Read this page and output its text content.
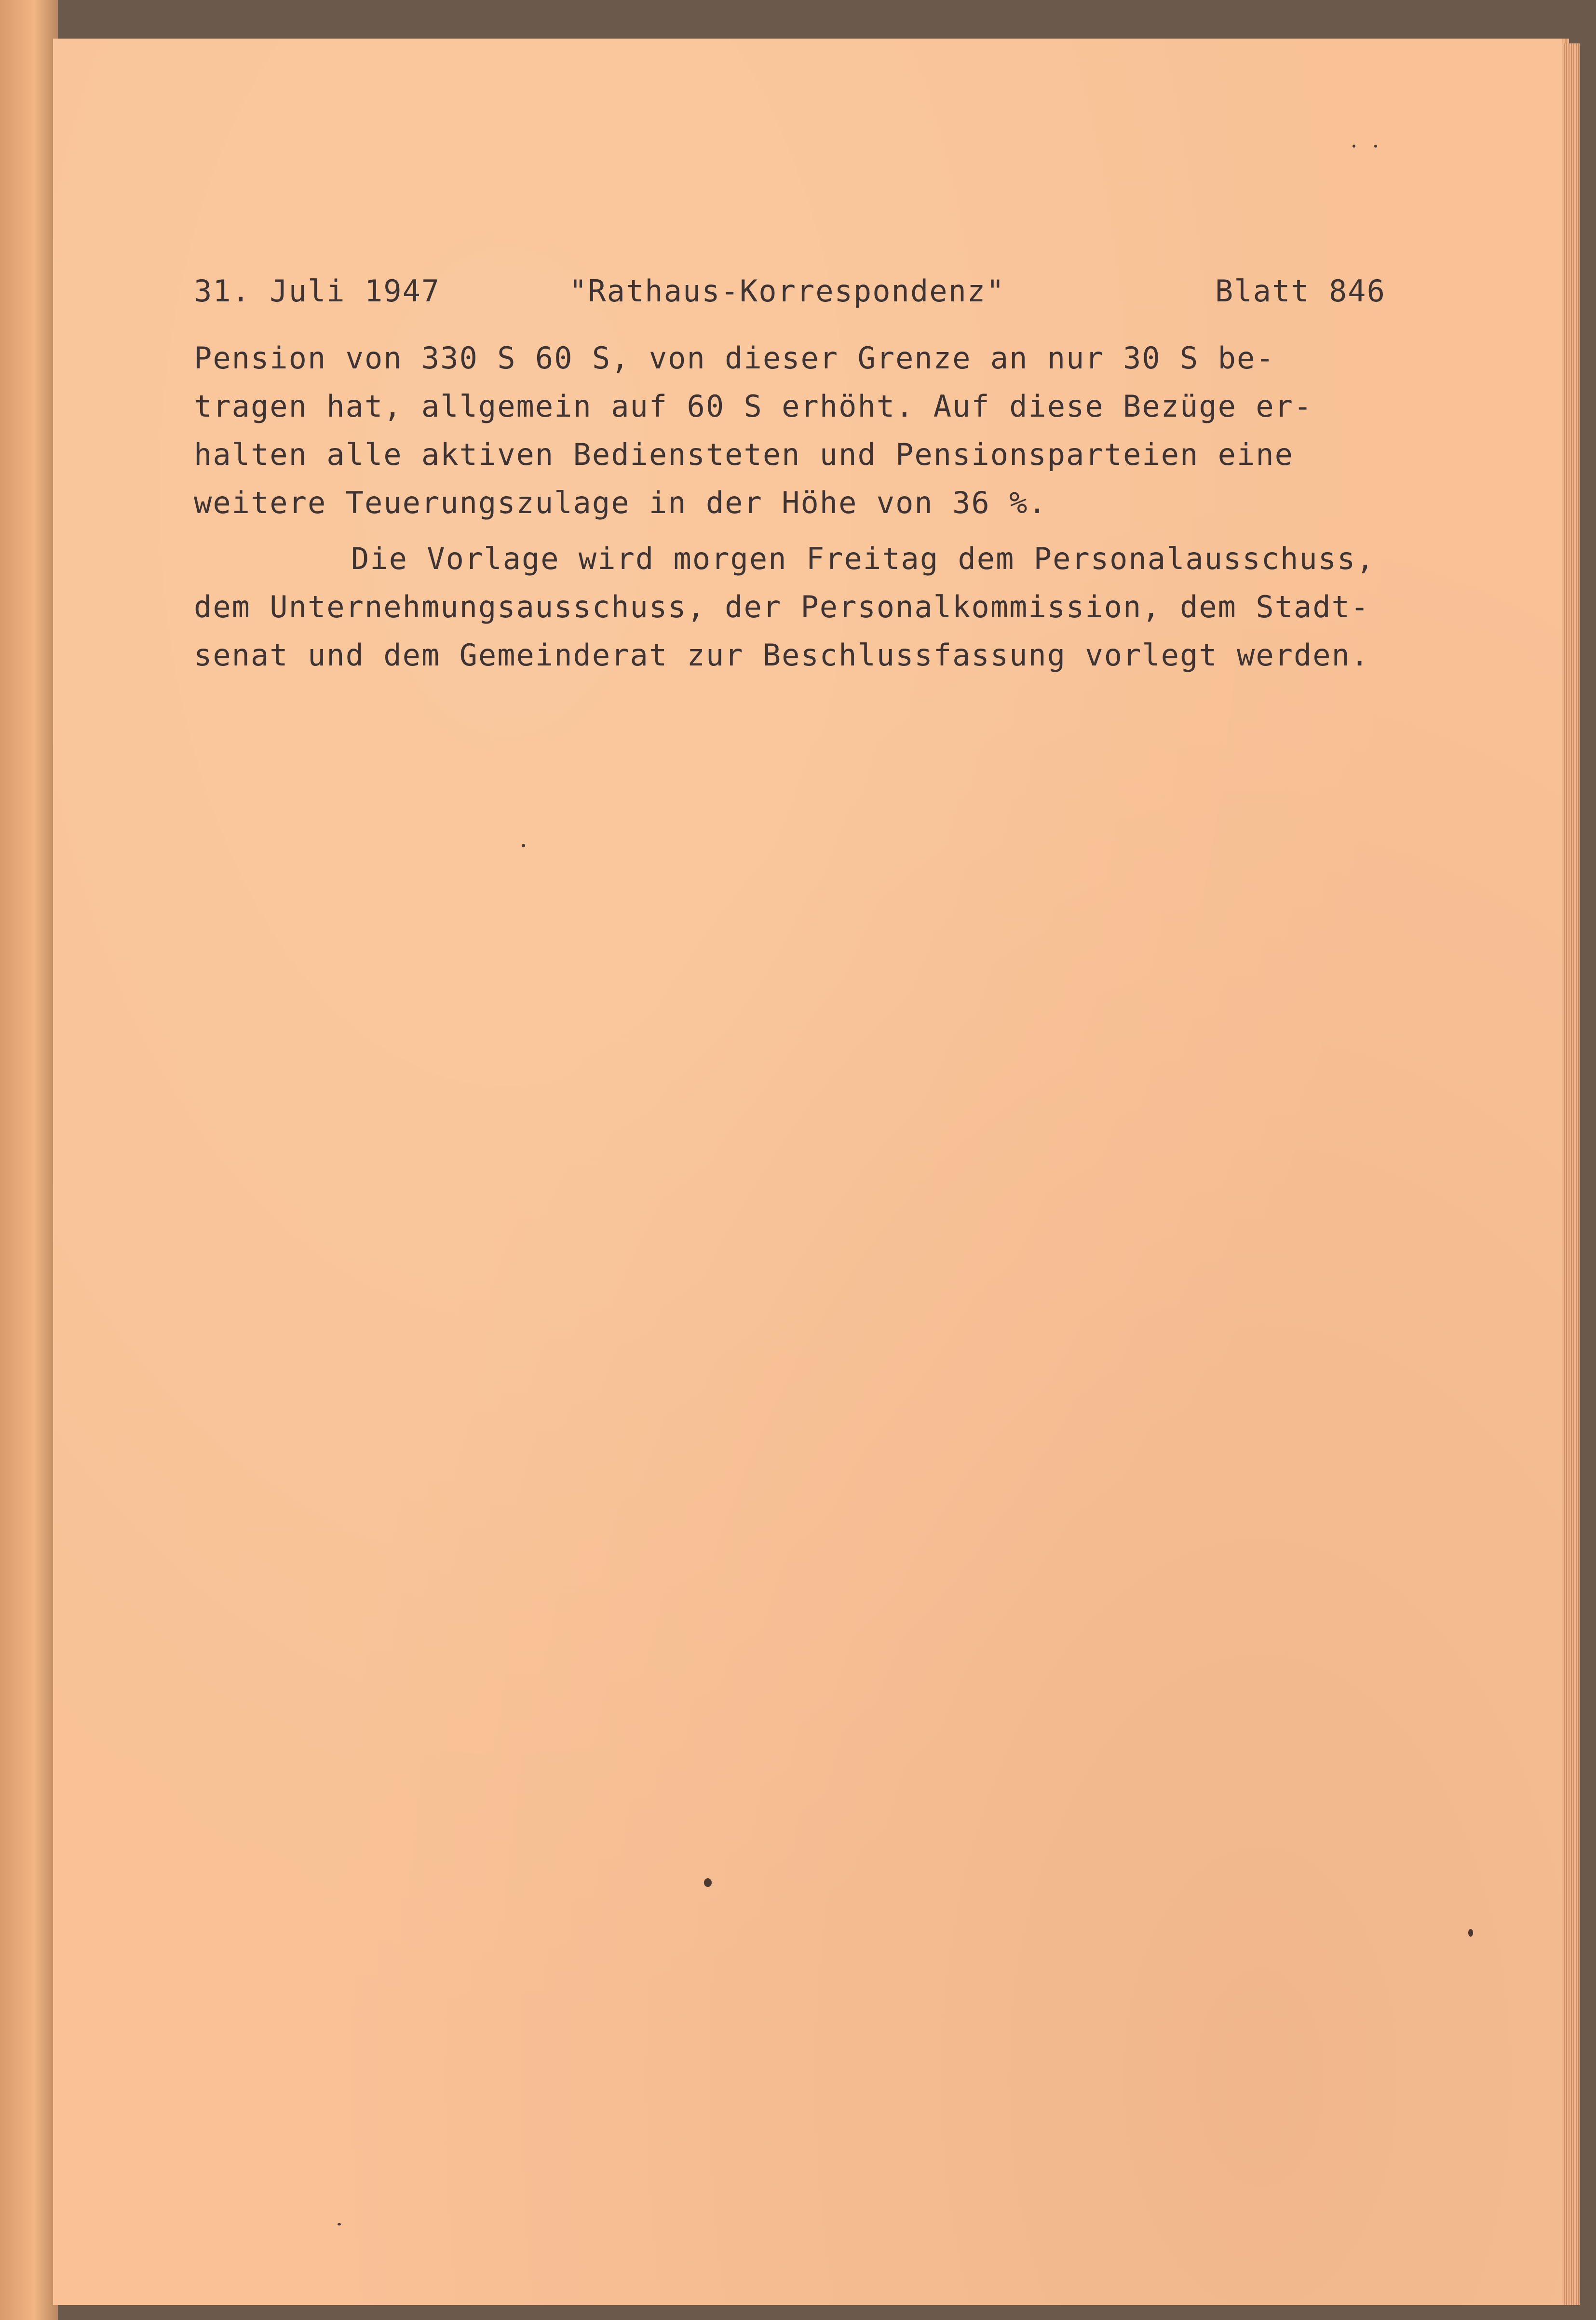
31. Juli 1947	"Rathaus-Korrespondenz"	Blatt 846
Pension von 330 S 60 S, von dieser Grenze an nur 30 S be-
tragen hat, allgemein auf 60 S erhöht. Auf diese Bezüge er-
halten alle aktiven Bediensteten und Pensionsparteien eine
weitere Teuerungszulage in der Höhe von 36 %.
Die Vorlage wird morgen Freitag dem Personalausschuss,
dem Unternehmungsausschuss, der Personalkommission, dem Stadt-
senat und dem Gemeinderat zur Beschlussfassung vorlegt werden.
